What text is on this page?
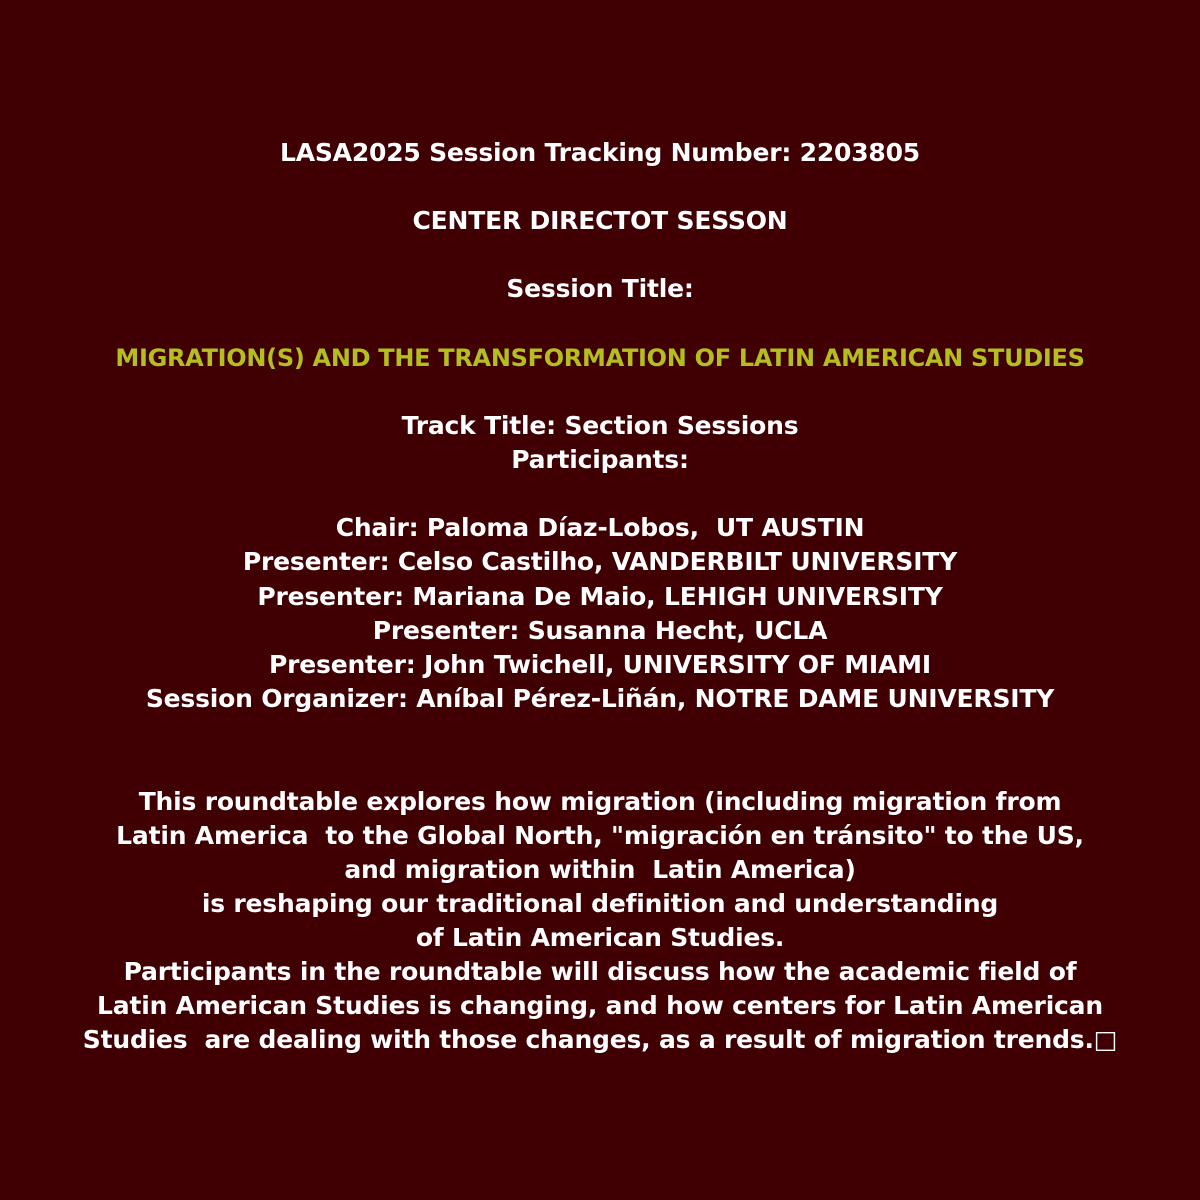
LASA2025 Session Tracking Number: 2203805
CENTER DIRECTOT SESSON
Session Title:
MIGRATION(S) AND THE TRANSFORMATION OF LATIN AMERICAN STUDIES
Track Title: Section Sessions
Participants:
Chair: Paloma Díaz-Lobos,  UT AUSTIN
Presenter: Celso Castilho, VANDERBILT UNIVERSITY
Presenter: Mariana De Maio, LEHIGH UNIVERSITY
Presenter: Susanna Hecht, UCLA
Presenter: John Twichell, UNIVERSITY OF MIAMI
Session Organizer: Aníbal Pérez-Liñán, NOTRE DAME UNIVERSITY
This roundtable explores how migration (including migration from
Latin America  to the Global North, "migración en tránsito" to the US,
and migration within  Latin America)
is reshaping our traditional definition and understanding
of Latin American Studies.
Participants in the roundtable will discuss how the academic field of
Latin American Studies is changing, and how centers for Latin American
Studies  are dealing with those changes, as a result of migration trends.□
